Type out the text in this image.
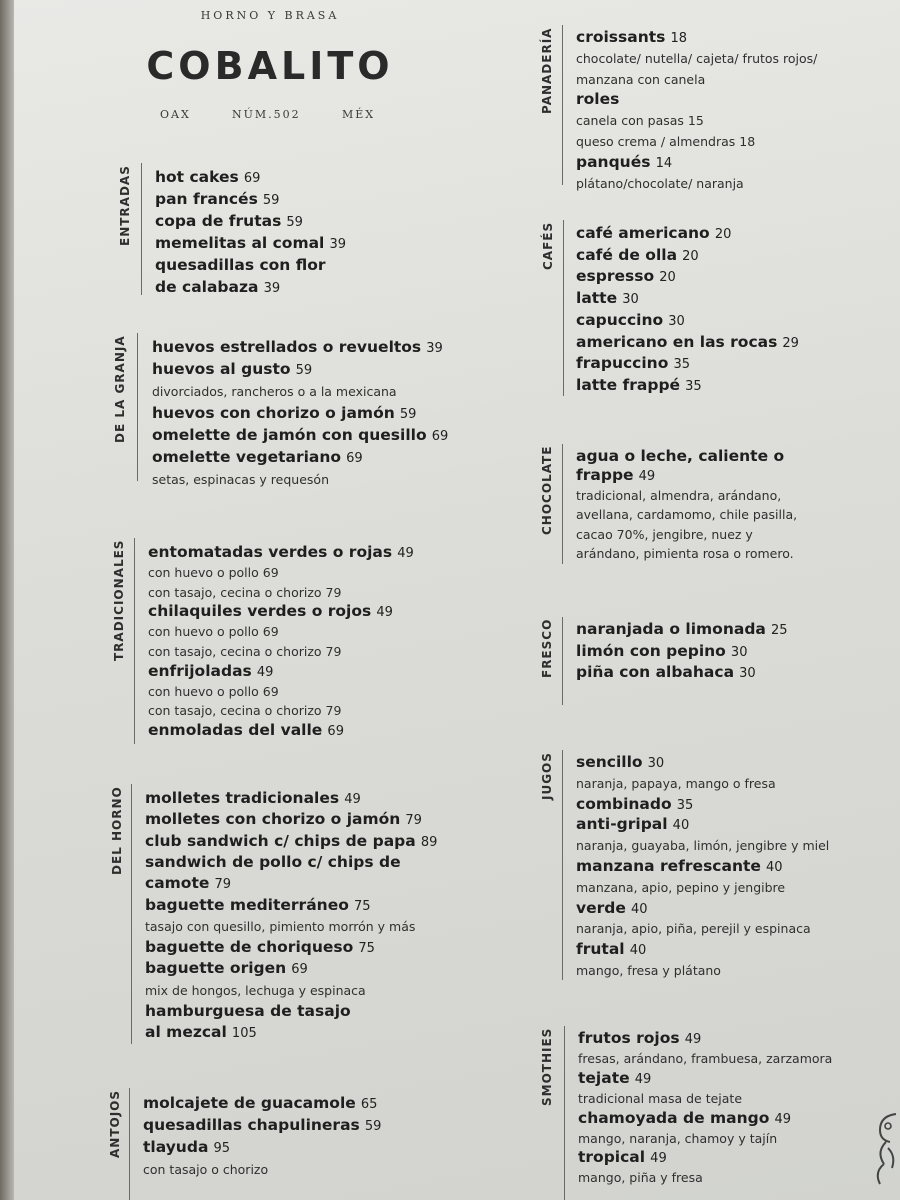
HORNO Y BRASA
COBALITO
OAX	NÚM.502	MÉX
ENTRADAS hot cakes 69
pan francés 59
copa de frutas 59
memelitas al comal 39
quesadillas con flor
de calabaza 39
DE LA GRANJA huevos estrellados o revueltos 39
huevos al gusto 59
divorciados, rancheros o a la mexicana
huevos con chorizo o jamón 59
omelette de jamón con quesillo 69
omelette vegetariano 69
setas, espinacas y requesón
TRADICIONALES entomatadas verdes o rojas 49
con huevo o pollo 69
con tasajo, cecina o chorizo 79
chilaquiles verdes o rojos 49
con huevo o pollo 69
con tasajo, cecina o chorizo 79
enfrijoladas 49
con huevo o pollo 69
con tasajo, cecina o chorizo 79
enmoladas del valle 69
DEL HORNO molletes tradicionales 49
molletes con chorizo o jamón 79
club sandwich c/ chips de papa 89
sandwich de pollo c/ chips de
camote 79
baguette mediterráneo 75
tasajo con quesillo, pimiento morrón y más
baguette de choriqueso 75
baguette origen 69
mix de hongos, lechuga y espinaca
hamburguesa de tasajo
al mezcal 105
ANTOJOS molcajete de guacamole 65
quesadillas chapulineras 59
tlayuda 95
con tasajo o chorizo
PANADERÍA croissants 18
chocolate/ nutella/ cajeta/ frutos rojos/
manzana con canela
roles
canela con pasas 15
queso crema / almendras 18
panqués 14
plátano/chocolate/ naranja
CAFÉS café americano 20
café de olla 20
espresso 20
latte 30
capuccino 30
americano en las rocas 29
frapuccino 35
latte frappé 35
CHOCOLATE agua o leche, caliente o
frappe 49
tradicional, almendra, arándano,
avellana, cardamomo, chile pasilla,
cacao 70%, jengibre, nuez y
arándano, pimienta rosa o romero.
FRESCO naranjada o limonada 25
limón con pepino 30
piña con albahaca 30
JUGOS sencillo 30
naranja, papaya, mango o fresa
combinado 35
anti-gripal 40
naranja, guayaba, limón, jengibre y miel
manzana refrescante 40
manzana, apio, pepino y jengibre
verde 40
naranja, apio, piña, perejil y espinaca
frutal 40
mango, fresa y plátano
SMOTHIES frutos rojos 49
fresas, arándano, frambuesa, zarzamora
tejate 49
tradicional masa de tejate
chamoyada de mango 49
mango, naranja, chamoy y tajín
tropical 49
mango, piña y fresa
